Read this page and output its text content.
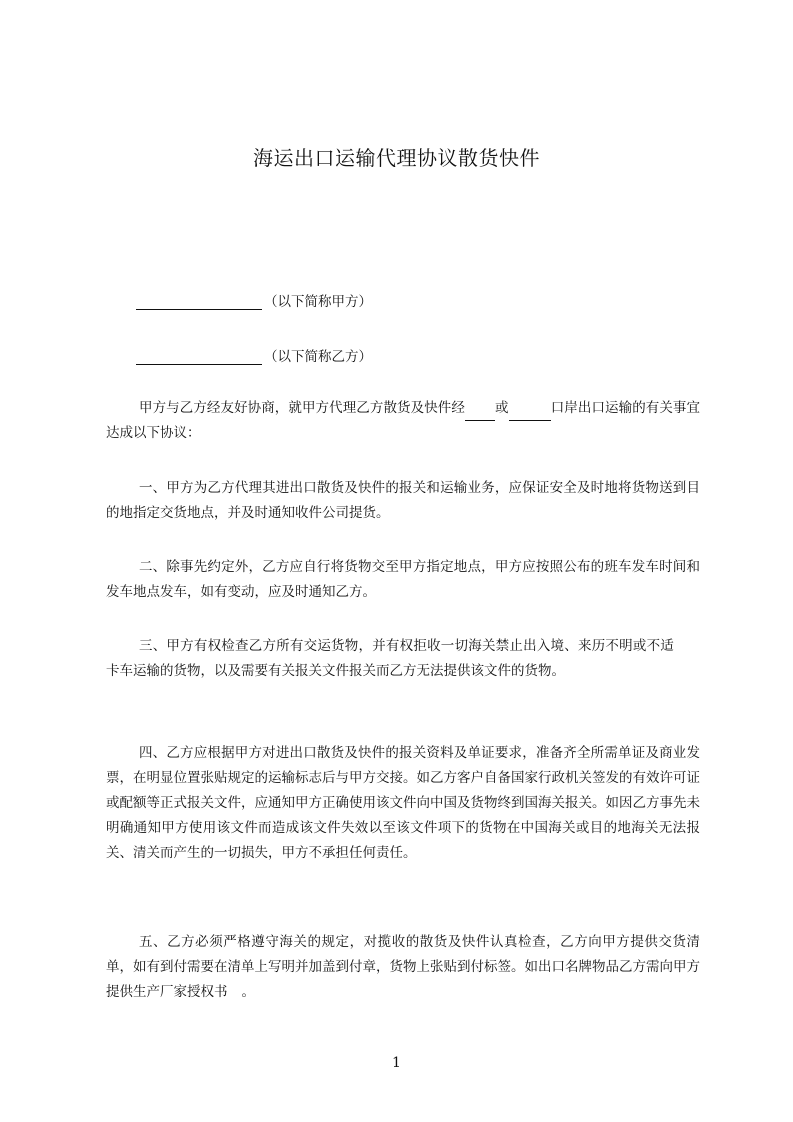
海运出口运输代理协议散货快件
（以下简称甲方）
（以下简称乙方）

甲方与乙方经友好协商，就甲方代理乙方散货及快件经 或	口岸出口运输的有关事宜达成以下协议：

一、甲方为乙方代理其进出口散货及快件的报关和运输业务，应保证安全及时地将货物送到目的地指定交货地点，并及时通知收件公司提货。

二、除事先约定外，乙方应自行将货物交至甲方指定地点，甲方应按照公布的班车发车时间和发车地点发车，如有变动，应及时通知乙方。

三、甲方有权检查乙方所有交运货物，并有权拒收一切海关禁止出入境、来历不明或不适卡车运输的货物，以及需要有关报关文件报关而乙方无法提供该文件的货物。

四、乙方应根据甲方对进出口散货及快件的报关资料及单证要求，准备齐全所需单证及商业发票，在明显位置张贴规定的运输标志后与甲方交接。如乙方客户自备国家行政机关签发的有效许可证或配额等正式报关文件，应通知甲方正确使用该文件向中国及货物终到国海关报关。如因乙方事先未明确通知甲方使用该文件而造成该文件失效以至该文件项下的货物在中国海关或目的地海关无法报关、清关而产生的一切损失，甲方不承担任何责任。

五、乙方必须严格遵守海关的规定，对揽收的散货及快件认真检查，乙方向甲方提供交货清单，如有到付需要在清单上写明并加盖到付章，货物上张贴到付标签。如出口名牌物品乙方需向甲方提供生产厂家授权书 。

1
